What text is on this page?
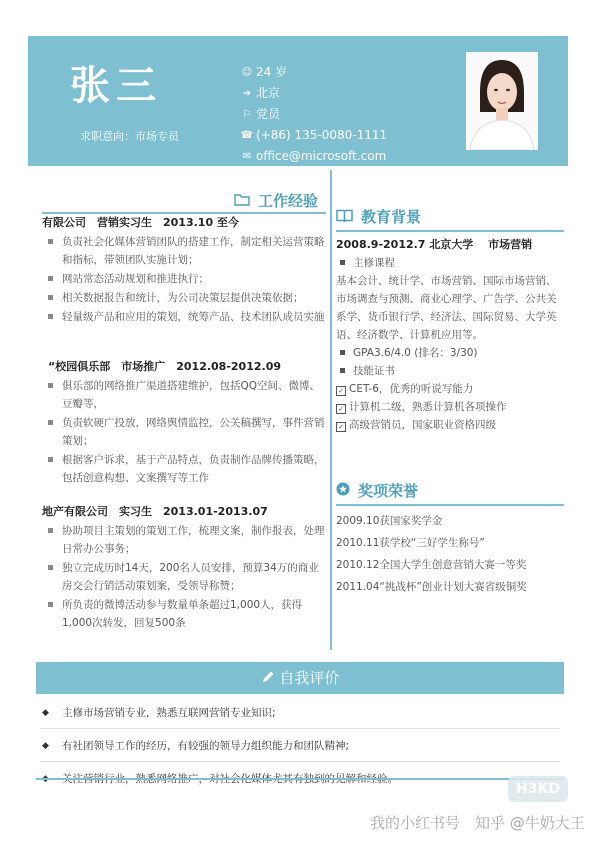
张三
求职意向：市场专员
☺ 24 岁
➜ 北京
⚐ 党员
☎ (+86) 135-0080-1111
✉ office@microsoft.com
工作经验
有限公司　营销实习生　2013.10 至今
负责社会化媒体营销团队的搭建工作，制定相关运营策略和指标，带领团队实施计划；
网站常态活动规划和推进执行；
相关数据报告和统计，为公司决策层提供决策依据；
轻量级产品和应用的策划，统筹产品、技术团队成员实施
“校园俱乐部　市场推广　2012.08-2012.09
俱乐部的网络推广渠道搭建维护，包括QQ空间、微博、豆瓣等，
负责软硬广投放，网络舆情监控，公关稿撰写，事件营销策划；
根据客户诉求，基于产品特点，负责制作品牌传播策略，包括创意构想、文案撰写等工作
地产有限公司　实习生　2013.01-2013.07
协助项目主策划的策划工作，梳理文案，制作报表，处理日常办公事务；
独立完成历时14天，200名人员安排，预算34万的商业房交会行销活动策划案，受领导称赞；
所负责的微博活动参与数量单条超过1,000人，获得1,000次转发，回复500条
教育背景
2008.9-2012.7 北京大学　 市场营销
主修课程
基本会计、统计学、市场营销、国际市场营销、市场调查与预测、商业心理学、广告学、公共关系学、货币银行学、经济法、国际贸易、大学英语、经济数学、计算机应用等。
GPA3.6/4.0 (排名：3/30)
技能证书
✓ CET-6，优秀的听说写能力
✓ 计算机二级，熟悉计算机各项操作
✓ 高级营销员，国家职业资格四级
奖项荣誉
2009.10获国家奖学金
2010.11获学校“三好学生称号”
2010.12全国大学生创意营销大赛一等奖
2011.04“挑战杯”创业计划大赛省级铜奖
自我评价
◆ 主修市场营销专业，熟悉互联网营销专业知识;
◆ 有社团领导工作的经历，有较强的领导力组织能力和团队精神;
◆
H3KD
我的小红书号　知乎 @牛奶大王
